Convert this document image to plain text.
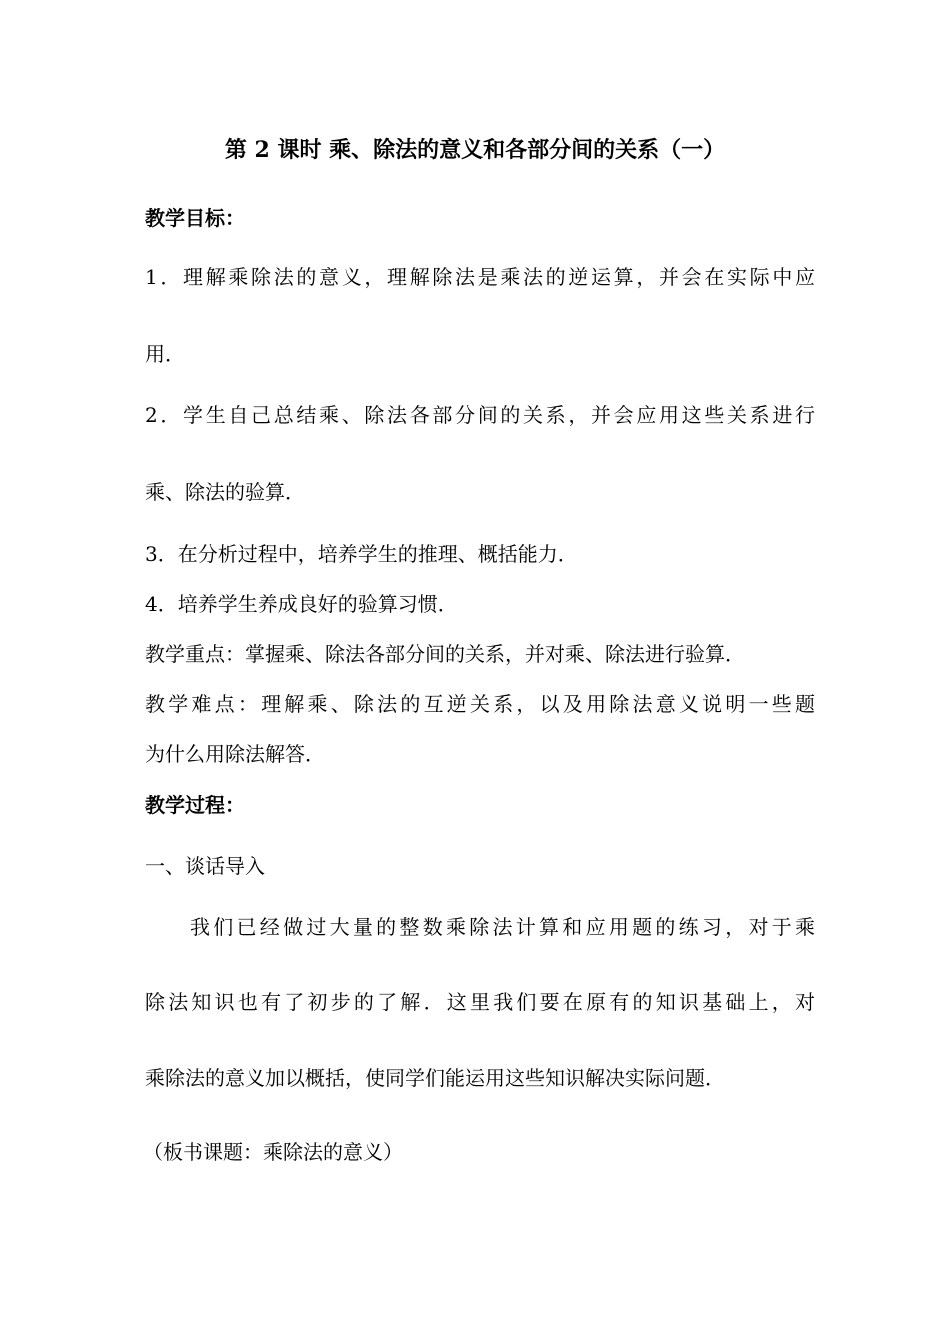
第 2 课时 乘、除法的意义和各部分间的关系（一）
教学目标：
1．理解乘除法的意义，理解除法是乘法的逆运算，并会在实际中应
用．
2．学生自己总结乘、除法各部分间的关系，并会应用这些关系进行
乘、除法的验算．
3．在分析过程中，培养学生的推理、概括能力．
4．培养学生养成良好的验算习惯．
教学重点：掌握乘、除法各部分间的关系，并对乘、除法进行验算．
教学难点：理解乘、除法的互逆关系，以及用除法意义说明一些题
为什么用除法解答．
教学过程：
一、谈话导入
我们已经做过大量的整数乘除法计算和应用题的练习，对于乘
除法知识也有了初步的了解．这里我们要在原有的知识基础上，对
乘除法的意义加以概括，使同学们能运用这些知识解决实际问题．
（板书课题：乘除法的意义）
